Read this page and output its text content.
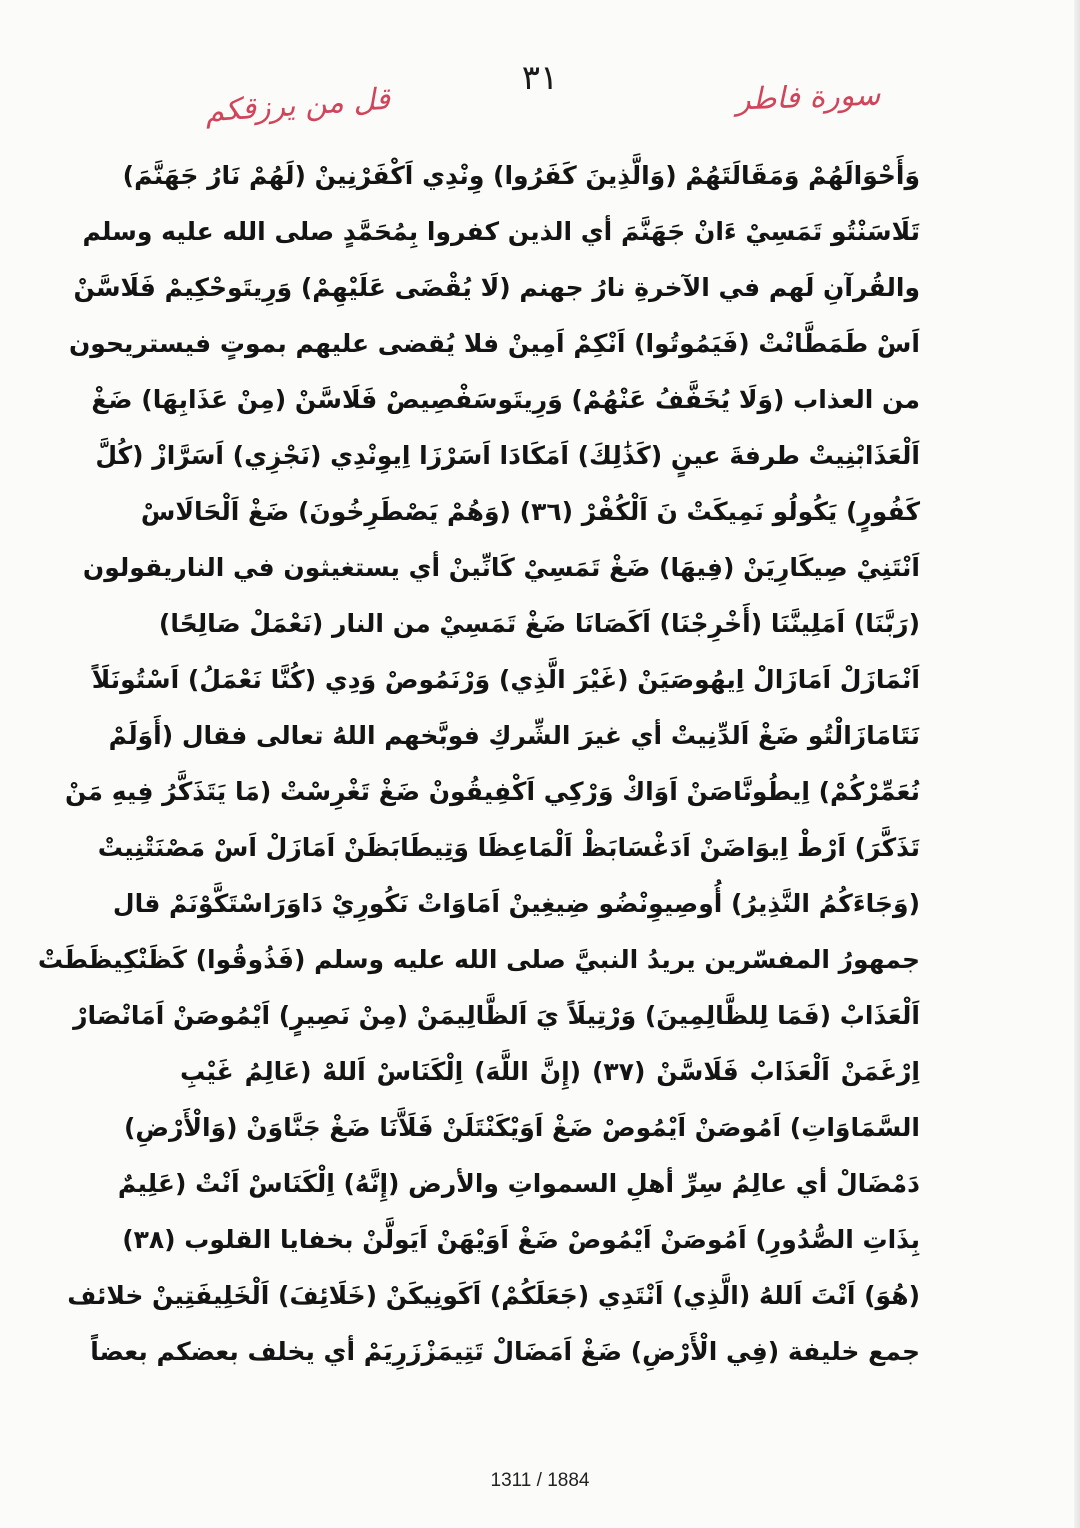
٣١	سورة فاطر
قل من يرزقكم
وَأَحْوَالَهُمْ وَمَقَالَتَهُمْ (وَالَّذِينَ كَفَرُوا) وِنْدِي اَكْفَرْنِينْ (لَهُمْ نَارُ جَهَنَّمَ)
تَلَاسَنْتُو تَمَسِيْ ءَانْ جَهَنَّمَ أي الذين كفروا بِمُحَمَّدٍ صلى الله عليه وسلم
والقُرآنِ لَهم في الآخرةِ نارُ جهنم (لَا يُقْضَى عَلَيْهِمْ) وَرِيتَوحْكِيمْ فَلَاسَّنْ
اَسْ طَمَطَّانْتْ (فَيَمُوتُوا) اَنْكِمْ اَمِينْ فلا يُقضى عليهم بموتٍ فيستريحون
من العذاب (وَلَا يُخَفَّفُ عَنْهُمْ) وَرِيتَوسَفْصِيصْ فَلَاسَّنْ (مِنْ عَذَابِهَا) ضَغْ
اَلْعَذَابْنِيتْ طرفةَ عينٍ (كَذَٰلِكَ) اَمَكَادَا اَسَرْزَا اِيوِنْدِي (نَجْزِي) اَسَرَّازْ (كُلَّ
كَفُورٍ) يَكُولُو نَمِيكَتْ نَ اَلْكُفْرْ (٣٦) (وَهُمْ يَصْطَرِخُونَ) ضَغْ اَلْحَالَاسْ
اَنْتَنِيْ صِيكَارِيَنْ (فِيهَا) ضَغْ تَمَسِيْ كَانِّينْ أي يستغيثون في الناريقولون
(رَبَّنَا) اَمَلِينَّنَا (أَخْرِجْنَا) اَكَصَانَا ضَغْ تَمَسِيْ من النار (نَعْمَلْ صَالِحًا)
اَنْمَازَلْ اَمَازَالْ اِيهُوصَيَنْ (غَيْرَ الَّذِي) وَرْنَمُوصْ وَدِي (كُنَّا نَعْمَلُ) اَسْتُونَلَاً
نَتَامَازَالْتُو ضَغْ اَلدِّنِيتْ أي غيرَ الشِّركِ فوبَّخهم اللهُ تعالى فقال (أَوَلَمْ
نُعَمِّرْكُمْ) اِيطُونَّاصَنْ اَوَاكْ وَرْكِي اَكْفِيقُونْ ضَغْ تَغْرِسْتْ (مَا يَتَذَكَّرُ فِيهِ مَنْ
تَذَكَّرَ) اَرْطْ اِيوَاضَنْ اَدَغْسَابَظْ اَلْمَاعِظَا وَتِيطَابَظَنْ اَمَازَلْ اَسْ مَصْنَتْنِيتْ
(وَجَاءَكُمُ النَّذِيرُ) أُوصِيوِنْضُو ضِيغِينْ اَمَاوَاتْ نَكُورِيْ دَاوَرَاسْتَكَّوْنَمْ قال
جمهورُ المفسّرين يريدُ النبيَّ صلى الله عليه وسلم (فَذُوقُوا) كَظَنْكِيظَطَتْ
اَلْعَذَابْ (فَمَا لِلظَّالِمِينَ) وَرْتِيلَاً يَ اَلظَّالِيمَنْ (مِنْ نَصِيرٍ) اَيْمُوصَنْ اَمَانْصَارْ
اِرْغَمَنْ اَلْعَذَابْ فَلَاسَّنْ (٣٧) (إِنَّ اللَّهَ) اِلْكَنَاسْ اَللهْ (عَالِمُ غَيْبِ
السَّمَاوَاتِ) اَمُوصَنْ اَيْمُوصْ ضَغْ اَوَيْكَنْتَلَنْ فَلَاَّنَا ضَغْ جَنَّاوَنْ (وَالْأَرْضِ)
دَمْضَالْ أي عالِمُ سِرِّ أهلِ السمواتِ والأرض (إِنَّهُ) اِلْكَنَاسْ اَنْتْ (عَلِيمٌ
بِذَاتِ الصُّدُورِ) اَمُوصَنْ اَيْمُوصْ ضَغْ اَوَيْهَنْ اَيَولَّنْ بخفايا القلوب (٣٨)
(هُوَ) اَنْتَ اَللهُ (الَّذِي) اَنْتَدِي (جَعَلَكُمْ) اَكَونِيكَنْ (خَلَائِفَ) اَلْخَلِيفَتِينْ خلائف
جمع خليفة (فِي الْأَرْضِ) ضَغْ اَمَضَالْ تَتِيمَزْزَرِيَمْ أي يخلف بعضكم بعضاً
1311 / 1884
